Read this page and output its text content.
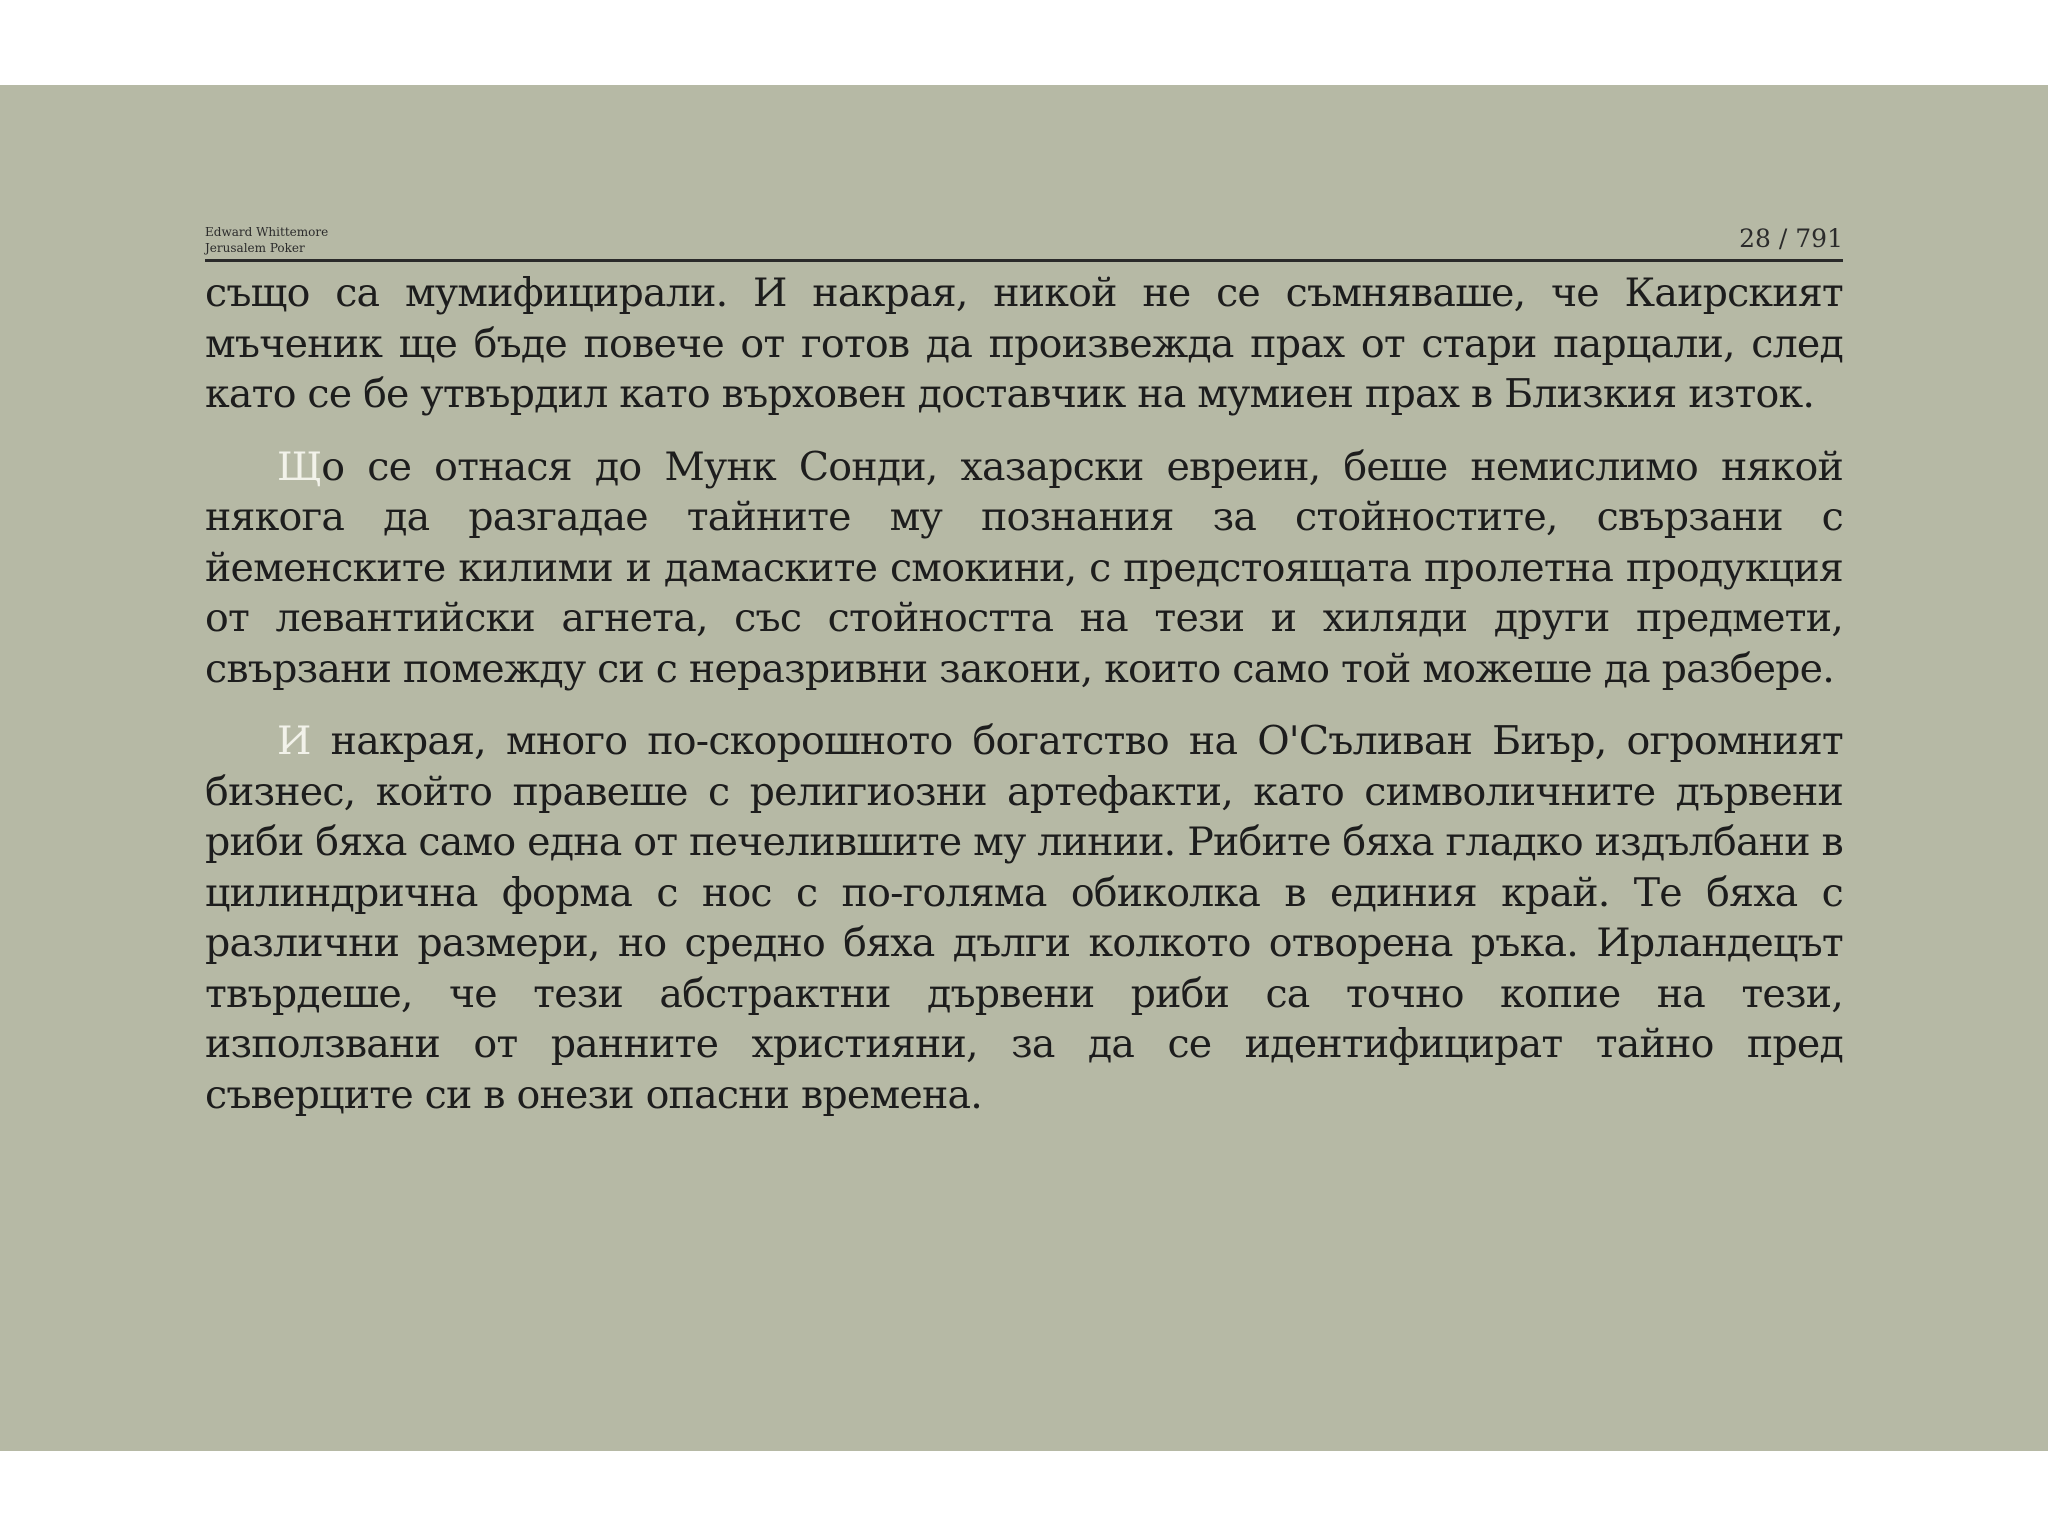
Edward Whittemore
Jerusalem Poker	28 / 791

също са мумифицирали. И накрая, никой не се съмняваше, че Каирският мъченик ще бъде повече от готов да произвежда прах от стари парцали, след като се бе утвърдил като върховен доставчик на мумиен прах в Близкия изток.

Що се отнася до Мунк Сонди, хазарски евреин, беше немислимо някой някога да разгадае тайните му познания за стойностите, свързани с йеменските килими и дамаските смокини, с предстоящата пролетна продукция от левантийски агнета, със стойността на тези и хиляди други предмети, свързани помежду си с неразривни закони, които само той можеше да разбере.

И накрая, много по-скорошното богатство на О'Съливан Биър, огромният бизнес, който правеше с религиозни артефакти, като символичните дървени риби бяха само една от печелившите му линии. Рибите бяха гладко издълбани в цилиндрична форма с нос с по-голяма обиколка в единия край. Те бяха с различни размери, но средно бяха дълги колкото отворена ръка. Ирландецът твърдеше, че тези абстрактни дървени риби са точно копие на тези, използвани от ранните християни, за да се идентифицират тайно пред съверците си в онези опасни времена.
